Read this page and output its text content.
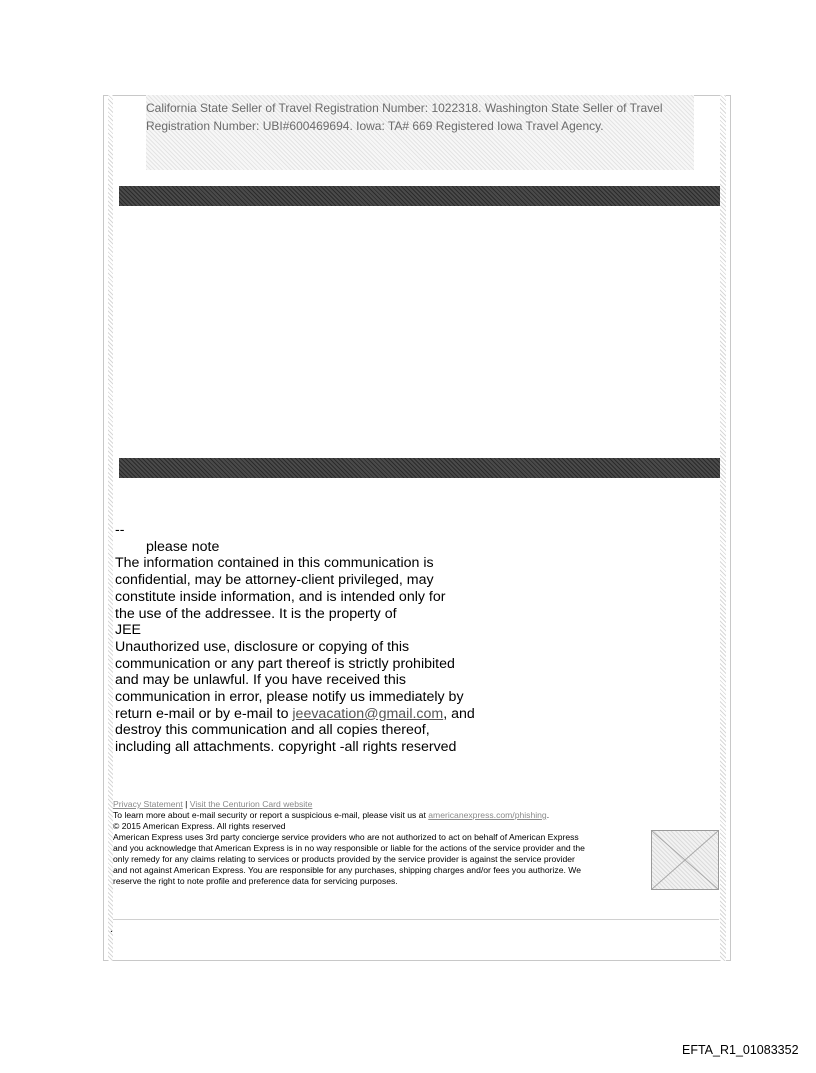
California State Seller of Travel Registration Number: 1022318. Washington State Seller of Travel
Registration Number: UBI#600469694. Iowa: TA# 669 Registered Iowa Travel Agency.
--
please note
The information contained in this communication is
confidential, may be attorney-client privileged, may
constitute inside information, and is intended only for
the use of the addressee. It is the property of
JEE
Unauthorized use, disclosure or copying of this
communication or any part thereof is strictly prohibited
and may be unlawful. If you have received this
communication in error, please notify us immediately by
return e-mail or by e-mail to jeevacation@gmail.com, and
destroy this communication and all copies thereof,
including all attachments. copyright -all rights reserved
Privacy Statement | Visit the Centurion Card website
To learn more about e-mail security or report a suspicious e-mail, please visit us at americanexpress.com/phishing.
© 2015 American Express. All rights reserved
American Express uses 3rd party concierge service providers who are not authorized to act on behalf of American Express
and you acknowledge that American Express is in no way responsible or liable for the actions of the service provider and the
only remedy for any claims relating to services or products provided by the service provider is against the service provider
and not against American Express. You are responsible for any purchases, shipping charges and/or fees you authorize. We
reserve the right to note profile and preference data for servicing purposes.
.
EFTA_R1_01083352
